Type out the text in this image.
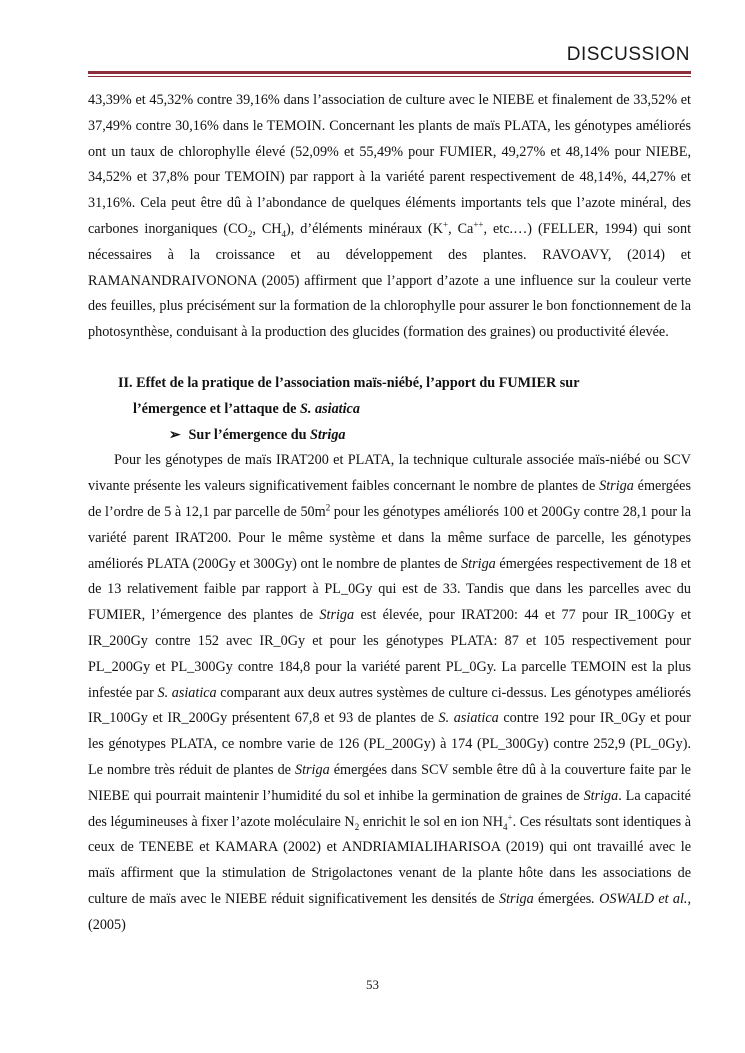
DISCUSSION

43,39% et 45,32% contre 39,16% dans l’association de culture avec le NIEBE et finalement de 33,52% et 37,49% contre 30,16% dans le TEMOIN. Concernant les plants de maïs PLATA, les génotypes améliorés ont un taux de chlorophylle élevé (52,09% et 55,49% pour FUMIER, 49,27% et 48,14% pour NIEBE, 34,52% et 37,8% pour TEMOIN) par rapport à la variété parent respectivement de 48,14%, 44,27% et 31,16%. Cela peut être dû à l’abondance de quelques éléments importants tels que l’azote minéral, des carbones inorganiques ($CO_2$, $CH_4$), d’éléments minéraux (K+, Ca++, etc.…) (FELLER, 1994) qui sont nécessaires à la croissance et au développement des plantes. RAVOAVY, (2014) et RAMANANDRAIVONONA (2005) affirment que l’apport d’azote a une influence sur la couleur verte des feuilles, plus précisément sur la formation de la chlorophylle pour assurer le bon fonctionnement de la photosynthèse, conduisant à la production des glucides (formation des graines) ou productivité élevée.

II. Effet de la pratique de l’association maïs-niébé, l’apport du FUMIER sur
l’émergence et l’attaque de S. asiatica

➢ Sur l’émergence du Striga

Pour les génotypes de maïs IRAT200 et PLATA, la technique culturale associée maïs-niébé ou SCV vivante présente les valeurs significativement faibles concernant le nombre de plantes de Striga émergées de l’ordre de 5 à 12,1 par parcelle de $50m^2$ pour les génotypes améliorés 100 et 200Gy contre 28,1 pour la variété parent IRAT200. Pour le même système et dans la même surface de parcelle, les génotypes améliorés PLATA (200Gy et 300Gy) ont le nombre de plantes de Striga émergées respectivement de 18 et de 13 relativement faible par rapport à PL_0Gy qui est de 33. Tandis que dans les parcelles avec du FUMIER, l’émergence des plantes de Striga est élevée, pour IRAT200: 44 et 77 pour IR_100Gy et IR_200Gy contre 152 avec IR_0Gy et pour les génotypes PLATA: 87 et 105 respectivement pour PL_200Gy et PL_300Gy contre 184,8 pour la variété parent PL_0Gy. La parcelle TEMOIN est la plus infestée par S. asiatica comparant aux deux autres systèmes de culture ci-dessus. Les génotypes améliorés IR_100Gy et IR_200Gy présentent 67,8 et 93 de plantes de S. asiatica contre 192 pour IR_0Gy et pour les génotypes PLATA, ce nombre varie de 126 (PL_200Gy) à 174 (PL_300Gy) contre 252,9 (PL_0Gy). Le nombre très réduit de plantes de Striga émergées dans SCV semble être dû à la couverture faite par le NIEBE qui pourrait maintenir l’humidité du sol et inhibe la germination de graines de Striga. La capacité des légumineuses à fixer l’azote moléculaire $N_2$ enrichit le sol en ion $NH_4^+$. Ces résultats sont identiques à ceux de TENEBE et KAMARA (2002) et ANDRIAMIALIHARISOA (2019) qui ont travaillé avec le maïs affirment que la stimulation de Strigolactones venant de la plante hôte dans les associations de culture de maïs avec le NIEBE réduit significativement les densités de Striga émergées. OSWALD et al., (2005)

53
